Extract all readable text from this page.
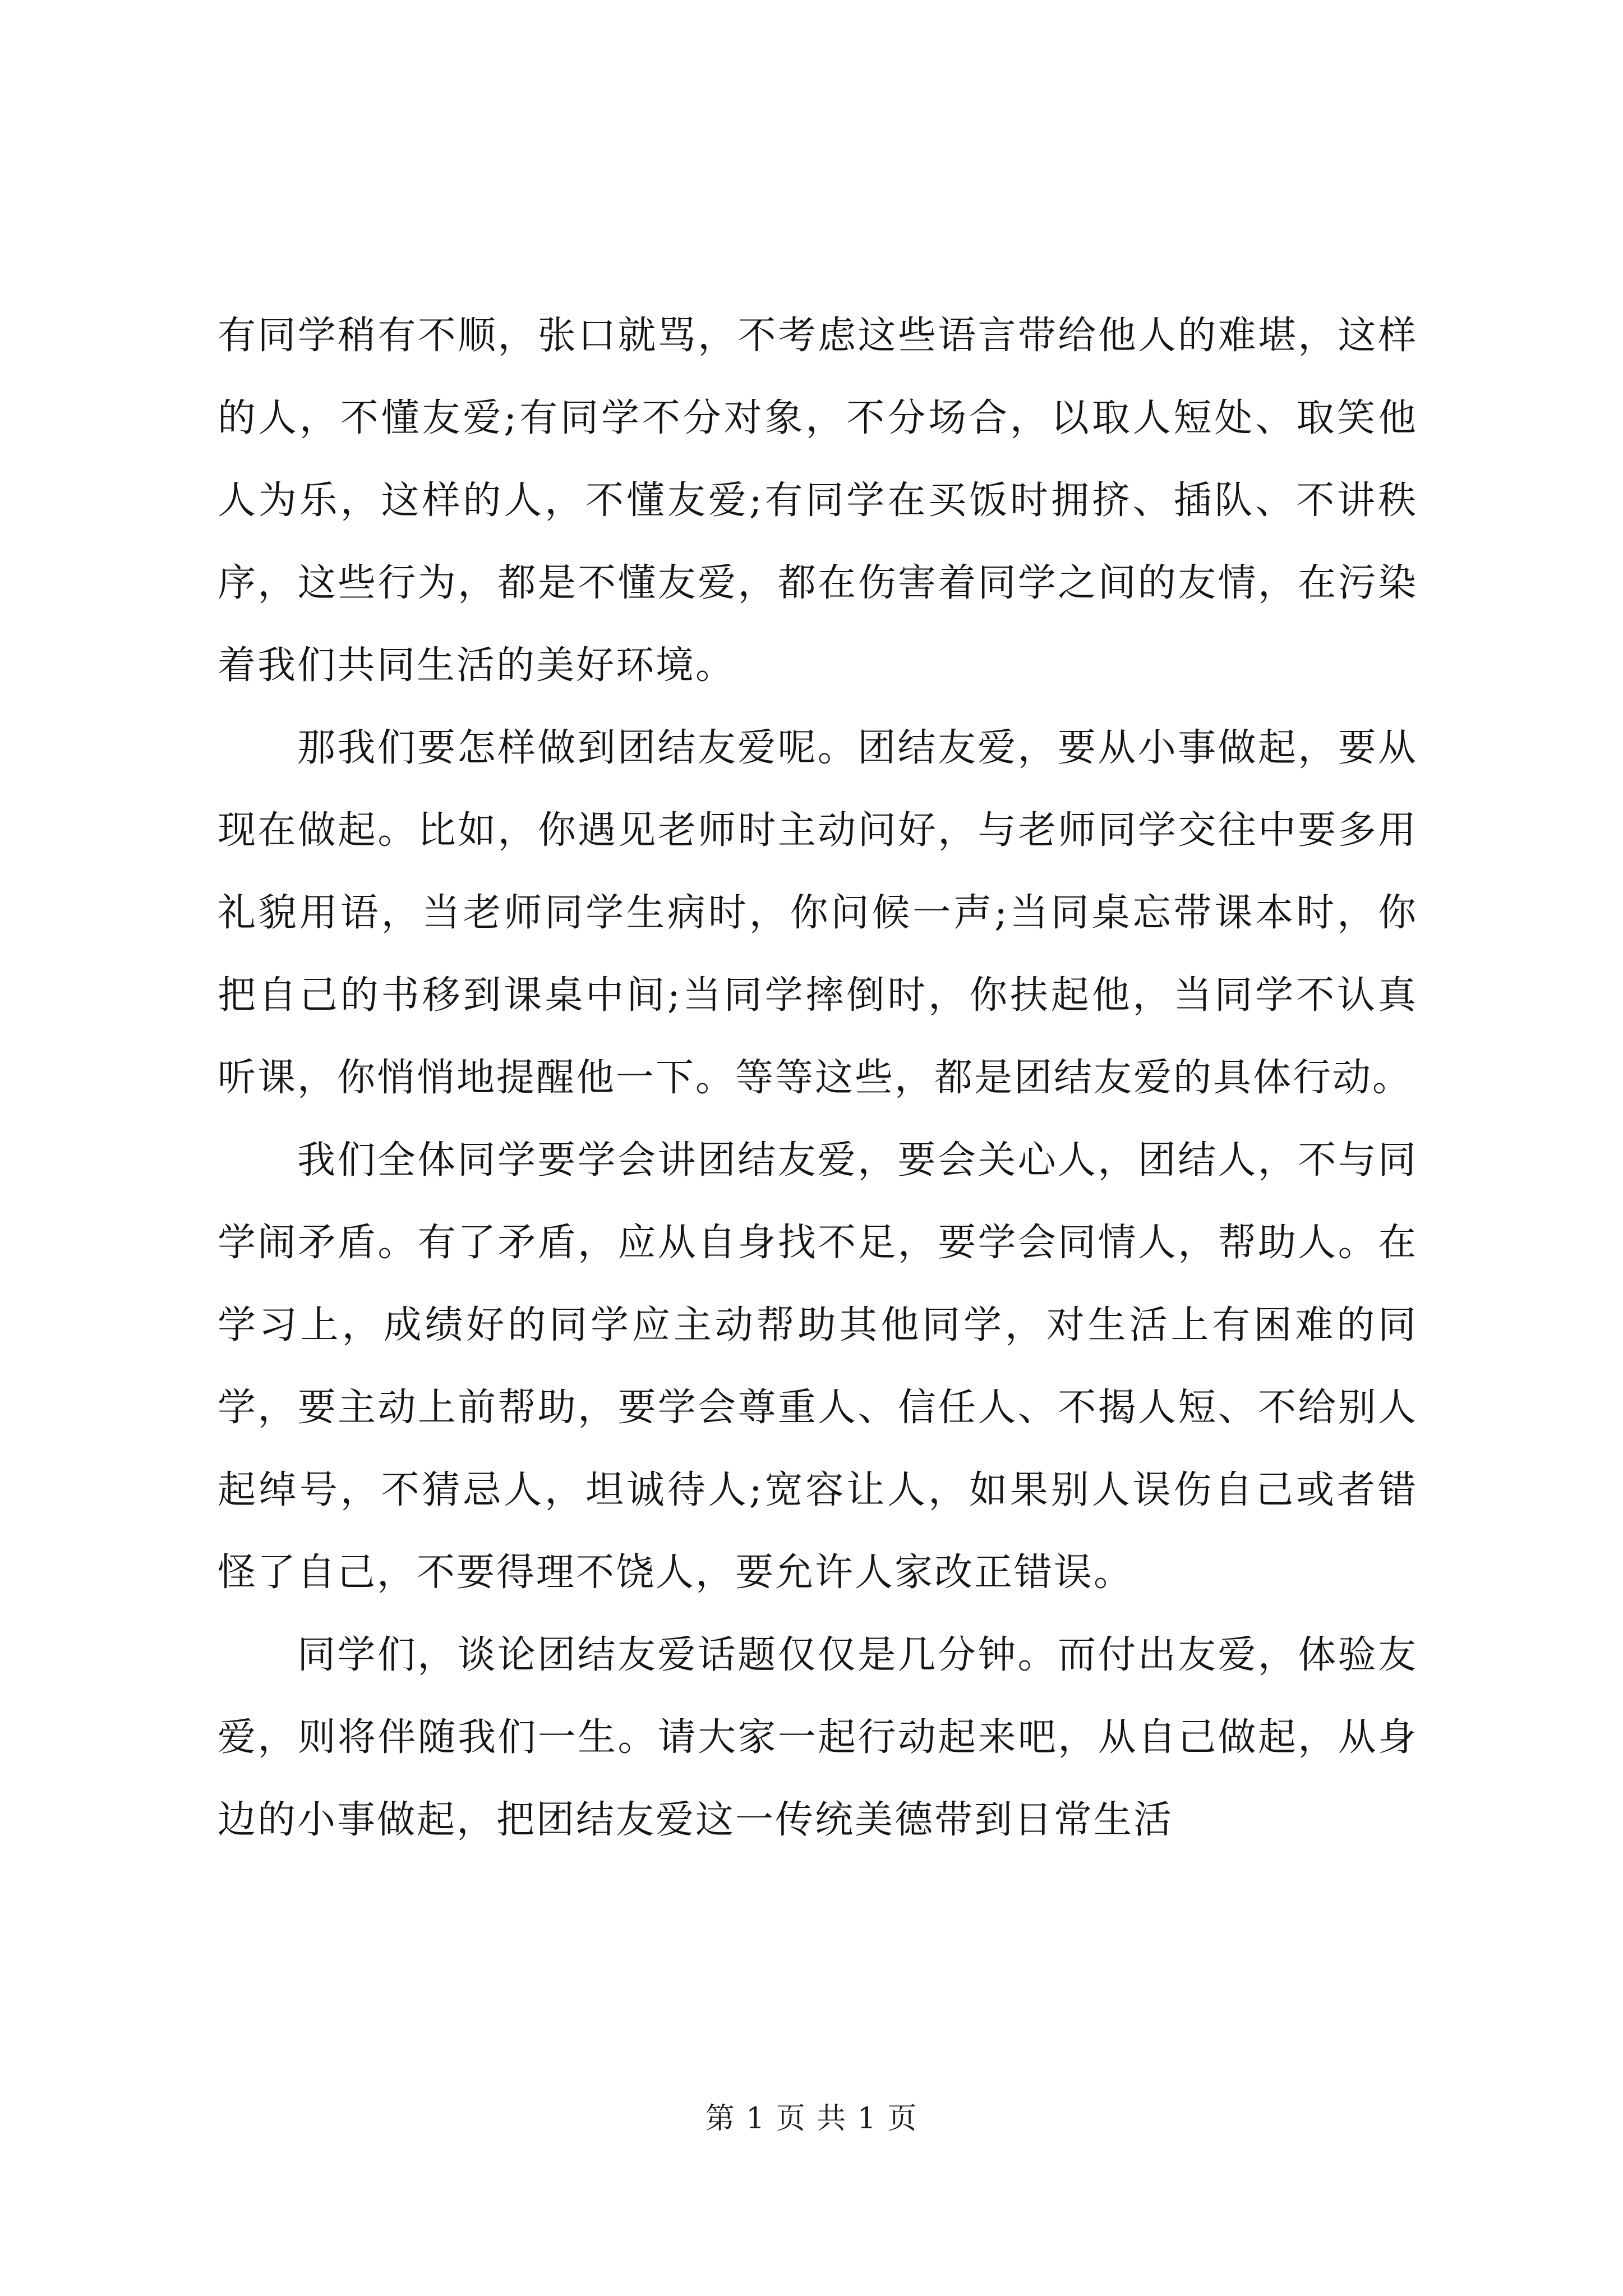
有同学稍有不顺，张口就骂，不考虑这些语言带给他人的难堪，这样的人，不懂友爱;有同学不分对象，不分场合，以取人短处、取笑他人为乐，这样的人，不懂友爱;有同学在买饭时拥挤、插队、不讲秩序，这些行为，都是不懂友爱，都在伤害着同学之间的友情，在污染着我们共同生活的美好环境。

那我们要怎样做到团结友爱呢。团结友爱，要从小事做起，要从现在做起。比如，你遇见老师时主动问好，与老师同学交往中要多用礼貌用语，当老师同学生病时，你问候一声;当同桌忘带课本时，你把自己的书移到课桌中间;当同学摔倒时，你扶起他，当同学不认真听课，你悄悄地提醒他一下。等等这些，都是团结友爱的具体行动。

我们全体同学要学会讲团结友爱，要会关心人，团结人，不与同学闹矛盾。有了矛盾，应从自身找不足，要学会同情人，帮助人。在学习上，成绩好的同学应主动帮助其他同学，对生活上有困难的同学，要主动上前帮助，要学会尊重人、信任人、不揭人短、不给别人起绰号，不猜忌人，坦诚待人;宽容让人，如果别人误伤自己或者错怪了自己，不要得理不饶人，要允许人家改正错误。

同学们，谈论团结友爱话题仅仅是几分钟。而付出友爱，体验友爱，则将伴随我们一生。请大家一起行动起来吧，从自己做起，从身边的小事做起，把团结友爱这一传统美德带到日常生活

第 1 页 共 1 页
